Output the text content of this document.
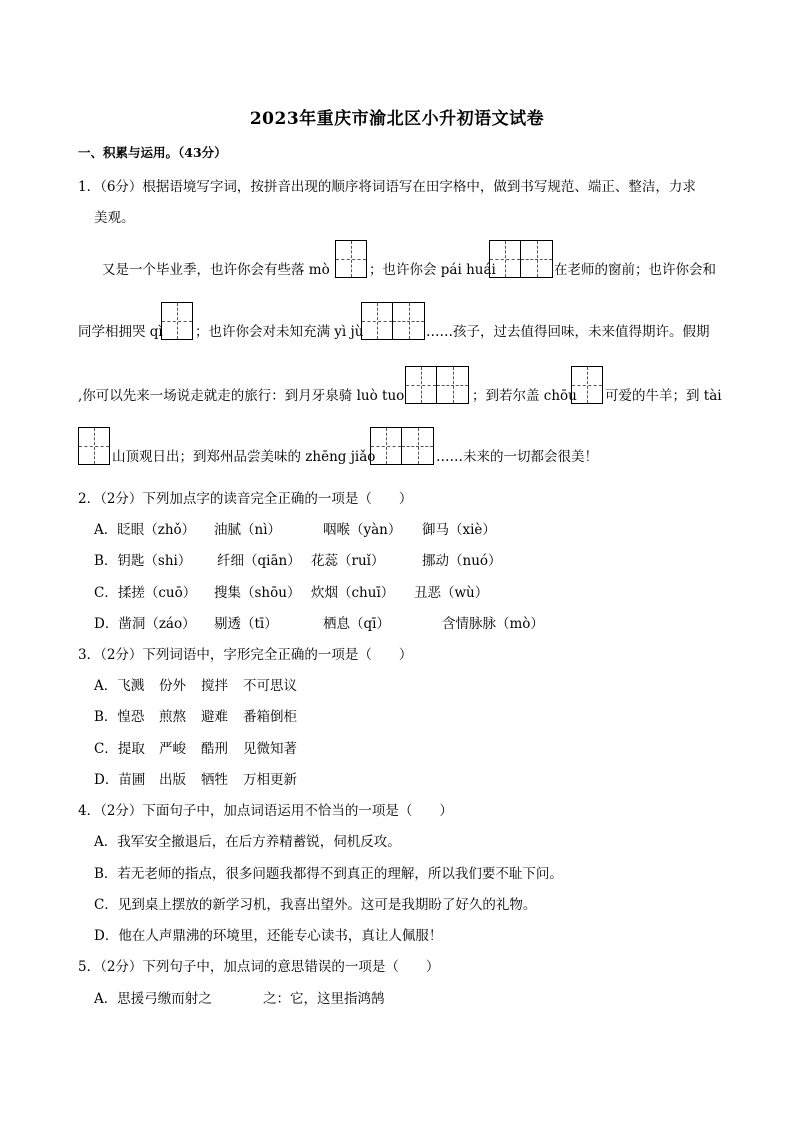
2023年重庆市渝北区小升初语文试卷
一、积累与运用。（43分）
1．（6分）根据语境写字词，按拼音出现的顺序将词语写在田字格中，做到书写规范、端正、整洁，力求
美观。
又是一个毕业季，也许你会有些落 mò	；也许你会 pái huái	在老师的窗前；也许你会和
同学相拥哭 qì ；也许你会对未知充满 yì jù	……孩子，过去值得回味，未来值得期许。假期
,你可以先来一场说走就走的旅行：到月牙泉骑 luò tuo	；到若尔盖 chōu 可爱的牛羊；到 tài
山顶观日出；到郑州品尝美味的 zhēng jiǎo	……未来的一切都会很美！
2．（2分）下列加点字的读音完全正确的一项是（　　）
A．眨眼（zhǒ） 油腻（nì）	咽喉（yàn） 御马（xiè）
B．钥匙（shi） 纤细（qiān） 花蕊（ruǐ）	挪动（nuó）
C．揉搓（cuō） 搜集（shōu） 炊烟（chuī） 丑恶（wù）
D．凿洞（záo） 剔透（tī）	栖息（qī）	含情脉脉（mò）
3．（2分）下列词语中，字形完全正确的一项是（　　）
A．飞溅 份外 搅拌 不可思议
B．惶恐 煎熬 避难 番箱倒柜
C．提取 严峻 酷刑 见微知著
D．苗圃 出版 牺牲 万相更新
4．（2分）下面句子中，加点词语运用不恰当的一项是（　　）
A．我军安全撤退后，在后方养精蓄锐，伺机反攻。
B．若无老师的指点，很多问题我都得不到真正的理解，所以我们要不耻下问。
C．见到桌上摆放的新学习机，我喜出望外。这可是我期盼了好久的礼物。
D．他在人声鼎沸的环境里，还能专心读书，真让人佩服！
5．（2分）下列句子中，加点词的意思错误的一项是（　　）
A．思援弓缴而射之	之：它，这里指鸿鹄
